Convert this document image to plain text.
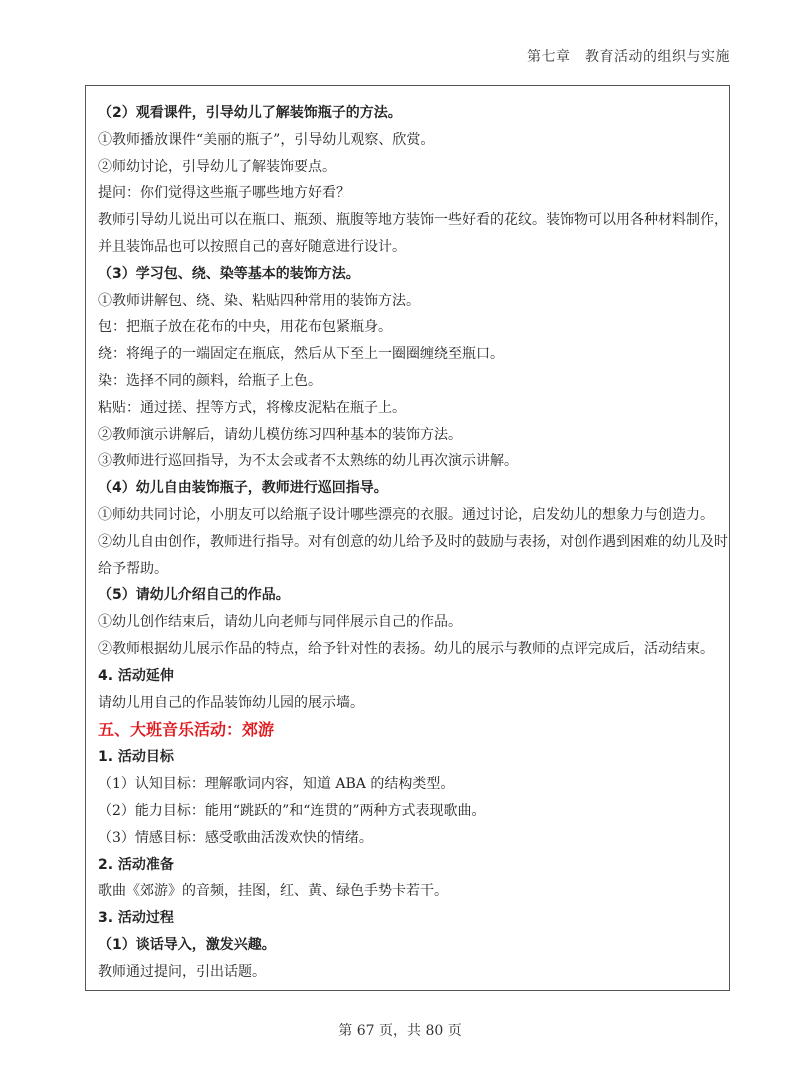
第七章　教育活动的组织与实施
（2）观看课件，引导幼儿了解装饰瓶子的方法。
①教师播放课件“美丽的瓶子”，引导幼儿观察、欣赏。
②师幼讨论，引导幼儿了解装饰要点。
提问：你们觉得这些瓶子哪些地方好看？
教师引导幼儿说出可以在瓶口、瓶颈、瓶腹等地方装饰一些好看的花纹。装饰物可以用各种材料制作，
并且装饰品也可以按照自己的喜好随意进行设计。
（3）学习包、绕、染等基本的装饰方法。
①教师讲解包、绕、染、粘贴四种常用的装饰方法。
包：把瓶子放在花布的中央，用花布包紧瓶身。
绕：将绳子的一端固定在瓶底，然后从下至上一圈圈缠绕至瓶口。
染：选择不同的颜料，给瓶子上色。
粘贴：通过搓、捏等方式，将橡皮泥粘在瓶子上。
②教师演示讲解后，请幼儿模仿练习四种基本的装饰方法。
③教师进行巡回指导，为不太会或者不太熟练的幼儿再次演示讲解。
（4）幼儿自由装饰瓶子，教师进行巡回指导。
①师幼共同讨论，小朋友可以给瓶子设计哪些漂亮的衣服。通过讨论，启发幼儿的想象力与创造力。
②幼儿自由创作，教师进行指导。对有创意的幼儿给予及时的鼓励与表扬，对创作遇到困难的幼儿及时
给予帮助。
（5）请幼儿介绍自己的作品。
①幼儿创作结束后，请幼儿向老师与同伴展示自己的作品。
②教师根据幼儿展示作品的特点，给予针对性的表扬。幼儿的展示与教师的点评完成后，活动结束。
4. 活动延伸
请幼儿用自己的作品装饰幼儿园的展示墙。
五、大班音乐活动：郊游
1. 活动目标
（1）认知目标：理解歌词内容，知道 ABA 的结构类型。
（2）能力目标：能用“跳跃的”和“连贯的”两种方式表现歌曲。
（3）情感目标：感受歌曲活泼欢快的情绪。
2. 活动准备
歌曲《郊游》的音频，挂图，红、黄、绿色手势卡若干。
3. 活动过程
（1）谈话导入，激发兴趣。
教师通过提问，引出话题。
第 67 页，共 80 页
